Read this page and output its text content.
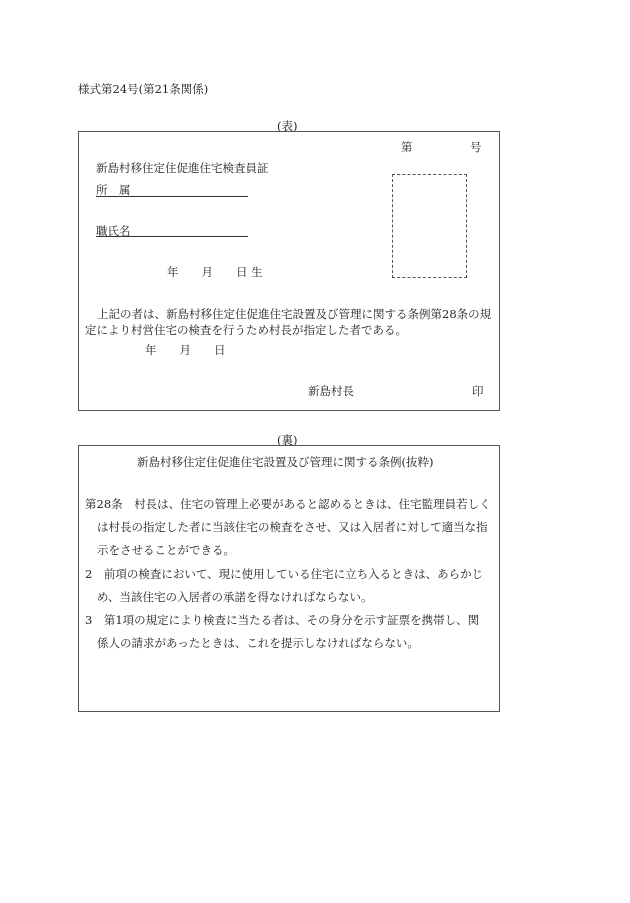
様式第24号(第21条関係)
(表)
第	号
新島村移住定住促進住宅検査員証
所　属
職氏名
年　　月　　日 生
上記の者は、新島村移住定住促進住宅設置及び管理に関する条例第28条の規
定により村営住宅の検査を行うため村長が指定した者である。
年　　月　　日
新島村長	印
(裏)
新島村移住定住促進住宅設置及び管理に関する条例(抜粋)
第28条　村長は、住宅の管理上必要があると認めるときは、住宅監理員若しく
は村長の指定した者に当該住宅の検査をさせ、又は入居者に対して適当な指
示をさせることができる。
2　前項の検査において、現に使用している住宅に立ち入るときは、あらかじ
め、当該住宅の入居者の承諾を得なければならない。
3　第1項の規定により検査に当たる者は、その身分を示す証票を携帯し、関
係人の請求があったときは、これを提示しなければならない。
